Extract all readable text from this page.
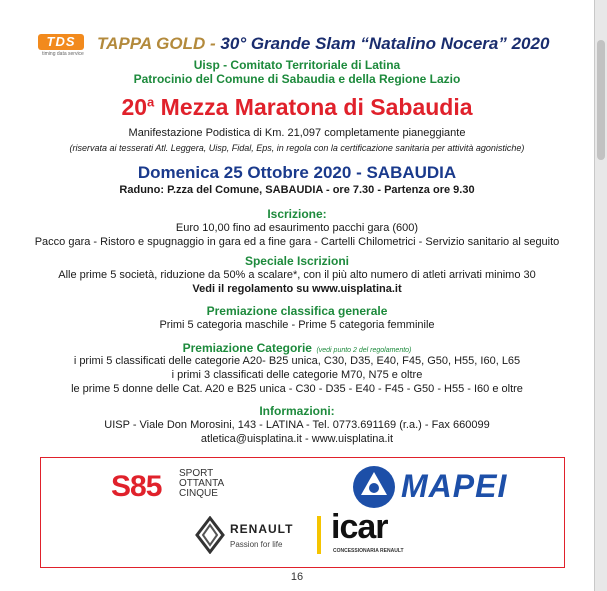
TDS
timing data service
TAPPA GOLD - 30° Grande Slam “Natalino Nocera” 2020
Uisp - Comitato Territoriale di Latina
Patrocinio del Comune di Sabaudia e della Regione Lazio
20$^a$ Mezza Maratona di Sabaudia
Manifestazione Podistica di Km. 21,097 completamente pianeggiante
(riservata ai tesserati Atl. Leggera, Uisp, Fidal, Eps, in regola con la certificazione sanitaria per attività agonistiche)
Domenica 25 Ottobre 2020 - SABAUDIA
Raduno: P.zza del Comune, SABAUDIA - ore 7.30 - Partenza ore 9.30
Iscrizione:
Euro 10,00 fino ad esaurimento pacchi gara (600)
Pacco gara - Ristoro e spugnaggio in gara ed a fine gara - Cartelli Chilometrici - Servizio sanitario al seguito
Speciale Iscrizioni
Alle prime 5 società, riduzione da 50% a scalare*, con il più alto numero di atleti arrivati minimo 30
Vedi il regolamento su www.uisplatina.it
Premiazione classifica generale
Primi 5 categoria maschile - Prime 5 categoria femminile
Premiazione Categorie (vedi punto 2 del regolamento)
i primi 5 classificati delle categorie A20- B25 unica, C30, D35, E40, F45, G50, H55, I60, L65
i primi 3 classificati delle categorie M70, N75 e oltre
le prime 5 donne delle Cat. A20 e B25 unica - C30 - D35 - E40 - F45 - G50 - H55 - I60 e oltre
Informazioni:
UISP - Viale Don Morosini, 143 - LATINA - Tel. 0773.691169 (r.a.) - Fax 660099
atletica@uisplatina.it - www.uisplatina.it
S85 SPORT
OTTANTA
CINQUE	MAPEI
RENAULT
Passion for life icar
CONCESSIONARIA RENAULT
16
